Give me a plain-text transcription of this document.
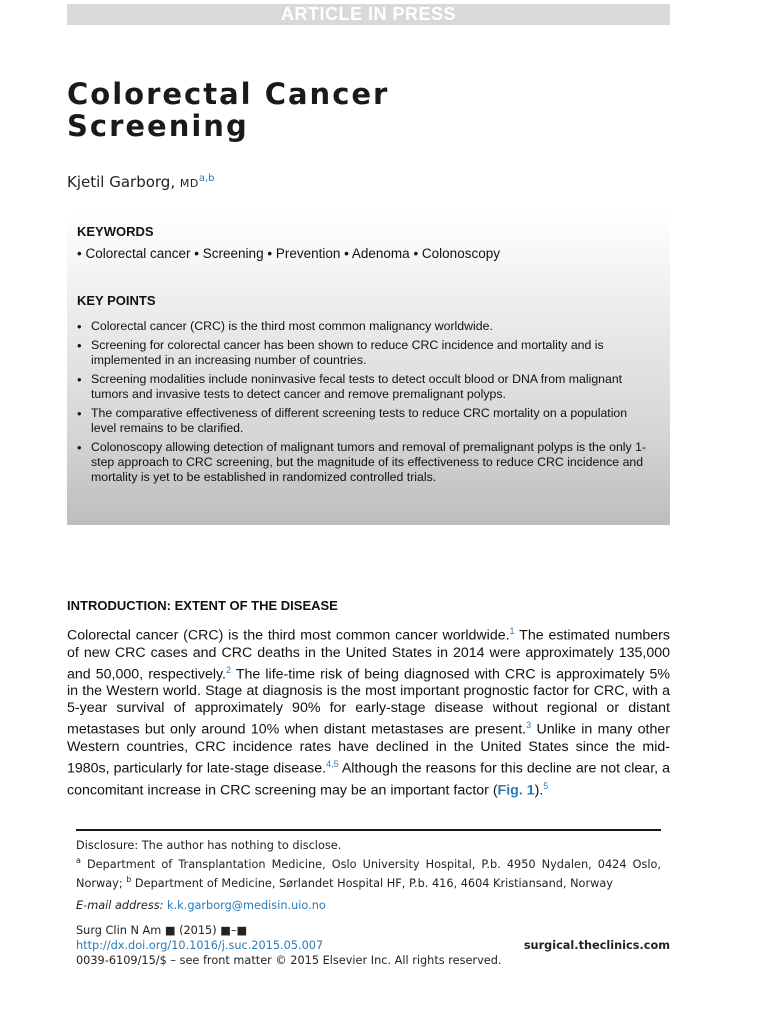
ARTICLE IN PRESS
Colorectal Cancer
Screening
Kjetil Garborg, MD$^{a,b}$
KEYWORDS
• Colorectal cancer • Screening • Prevention • Adenoma • Colonoscopy
KEY POINTS
• Colorectal cancer (CRC) is the third most common malignancy worldwide.
• Screening for colorectal cancer has been shown to reduce CRC incidence and mortality and is implemented in an increasing number of countries.
• Screening modalities include noninvasive fecal tests to detect occult blood or DNA from malignant tumors and invasive tests to detect cancer and remove premalignant polyps.
• The comparative effectiveness of different screening tests to reduce CRC mortality on a population level remains to be clarified.
• Colonoscopy allowing detection of malignant tumors and removal of premalignant polyps is the only 1-step approach to CRC screening, but the magnitude of its effectiveness to reduce CRC incidence and mortality is yet to be established in randomized controlled trials.
INTRODUCTION: EXTENT OF THE DISEASE

Colorectal cancer (CRC) is the third most common cancer worldwide.$^1$ The estimated numbers of new CRC cases and CRC deaths in the United States in 2014 were approximately 135,000 and 50,000, respectively.$^2$ The life-time risk of being diagnosed with CRC is approximately 5% in the Western world. Stage at diagnosis is the most important prognostic factor for CRC, with a 5-year survival of approximately 90% for early-stage disease without regional or distant metastases but only around 10% when distant metastases are present.$^3$ Unlike in many other Western countries, CRC incidence rates have declined in the United States since the mid-1980s, particularly for late-stage disease.$^{4,5}$ Although the reasons for this decline are not clear, a concomitant increase in CRC screening may be an important factor (Fig. 1).$^5$

Disclosure: The author has nothing to disclose.

$^a$ Department of Transplantation Medicine, Oslo University Hospital, P.b. 4950 Nydalen, 0424 Oslo, Norway; $^b$ Department of Medicine, Sørlandet Hospital HF, P.b. 416, 4604 Kristiansand, Norway

E-mail address: k.k.garborg@medisin.uio.no

Surg Clin N Am ■ (2015) ■–■

http://dx.doi.org/10.1016/j.suc.2015.05.007	surgical.theclinics.com

0039-6109/15/$ – see front matter © 2015 Elsevier Inc. All rights reserved.
